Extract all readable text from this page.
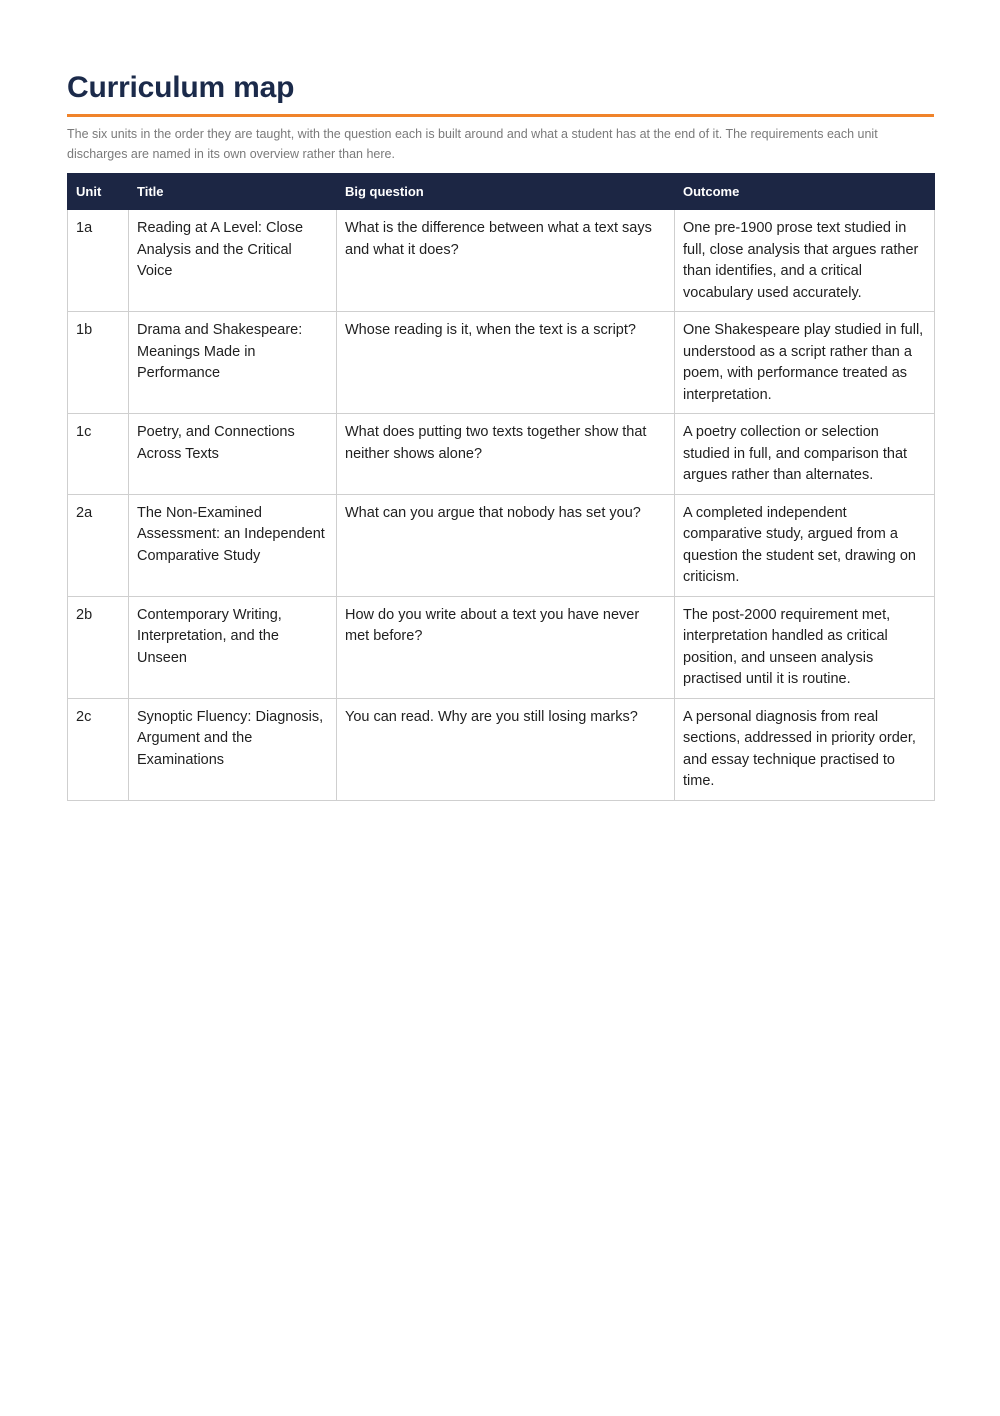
Curriculum map

The six units in the order they are taught, with the question each is built around and what a student has at the end of it. The requirements each unit discharges are named in its own overview rather than here.

Unit	Title	Big question	Outcome
1a	Reading at A Level: Close Analysis and the Critical Voice	What is the difference between what a text says and what it does?	One pre-1900 prose text studied in full, close analysis that argues rather than identifies, and a critical vocabulary used accurately.
1b	Drama and Shakespeare: Meanings Made in Performance	Whose reading is it, when the text is a script?	One Shakespeare play studied in full, understood as a script rather than a poem, with performance treated as interpretation.
1c	Poetry, and Connections Across Texts	What does putting two texts together show that neither shows alone?	A poetry collection or selection studied in full, and comparison that argues rather than alternates.
2a	The Non-Examined Assessment: an Independent Comparative Study	What can you argue that nobody has set you?	A completed independent comparative study, argued from a question the student set, drawing on criticism.
2b	Contemporary Writing, Interpretation, and the Unseen	How do you write about a text you have never met before?	The post-2000 requirement met, interpretation handled as critical position, and unseen analysis practised until it is routine.
2c	Synoptic Fluency: Diagnosis, Argument and the Examinations	You can read. Why are you still losing marks?	A personal diagnosis from real sections, addressed in priority order, and essay technique practised to time.
